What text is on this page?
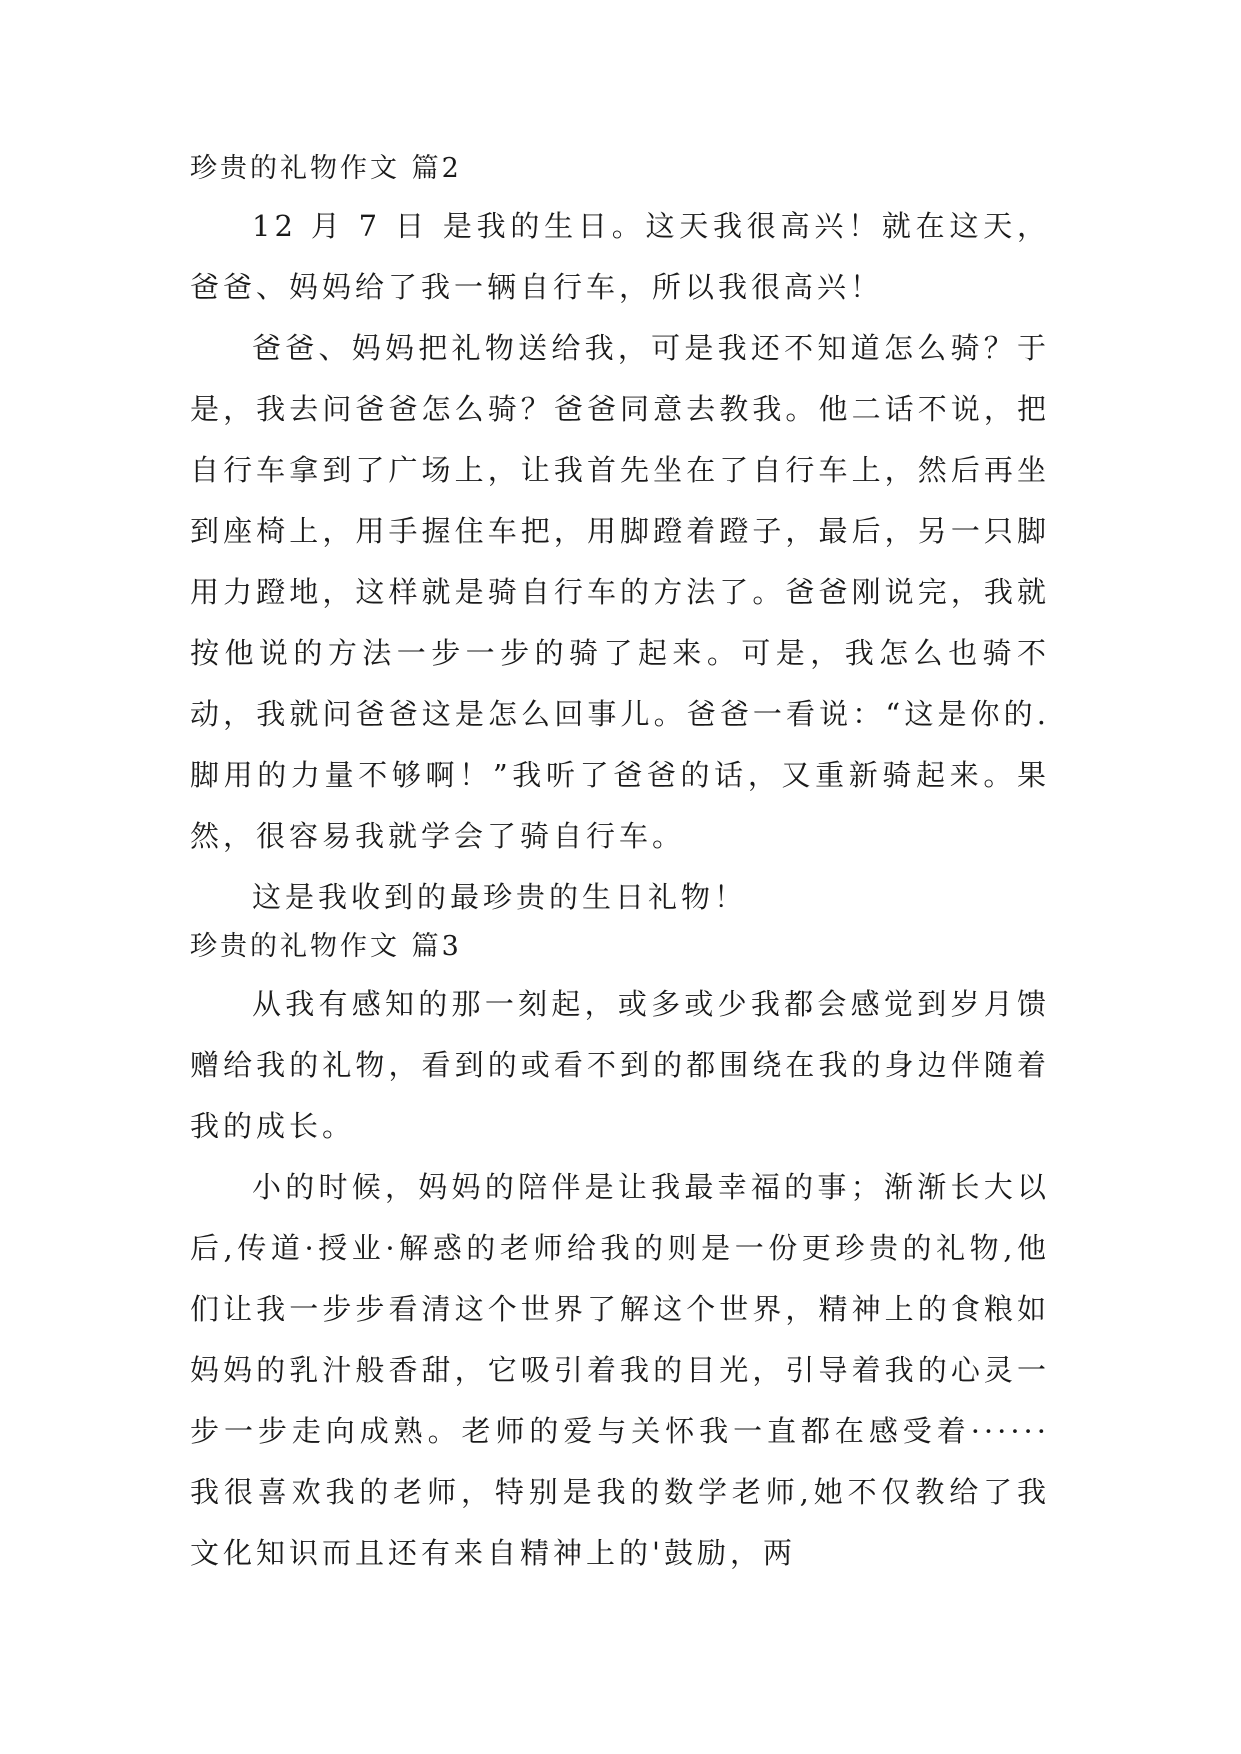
珍贵的礼物作文 篇2

12 月 7 日 是我的生日。这天我很高兴！就在这天，爸爸、妈妈给了我一辆自行车，所以我很高兴！

爸爸、妈妈把礼物送给我，可是我还不知道怎么骑？于是，我去问爸爸怎么骑？爸爸同意去教我。他二话不说，把自行车拿到了广场上，让我首先坐在了自行车上，然后再坐到座椅上，用手握住车把，用脚蹬着蹬子，最后，另一只脚用力蹬地，这样就是骑自行车的方法了。爸爸刚说完，我就按他说的方法一步一步的骑了起来。可是，我怎么也骑不动，我就问爸爸这是怎么回事儿。爸爸一看说：“这是你的.脚用的力量不够啊！”我听了爸爸的话，又重新骑起来。果然，很容易我就学会了骑自行车。

这是我收到的最珍贵的生日礼物！

珍贵的礼物作文 篇3

从我有感知的那一刻起，或多或少我都会感觉到岁月馈赠给我的礼物，看到的或看不到的都围绕在我的身边伴随着我的成长。

小的时候，妈妈的陪伴是让我最幸福的事；渐渐长大以后,传道·授业·解惑的老师给我的则是一份更珍贵的礼物,他们让我一步步看清这个世界了解这个世界，精神上的食粮如妈妈的乳汁般香甜，它吸引着我的目光，引导着我的心灵一步一步走向成熟。老师的爱与关怀我一直都在感受着······ 我很喜欢我的老师，特别是我的数学老师,她不仅教给了我文化知识而且还有来自精神上的'鼓励，两
